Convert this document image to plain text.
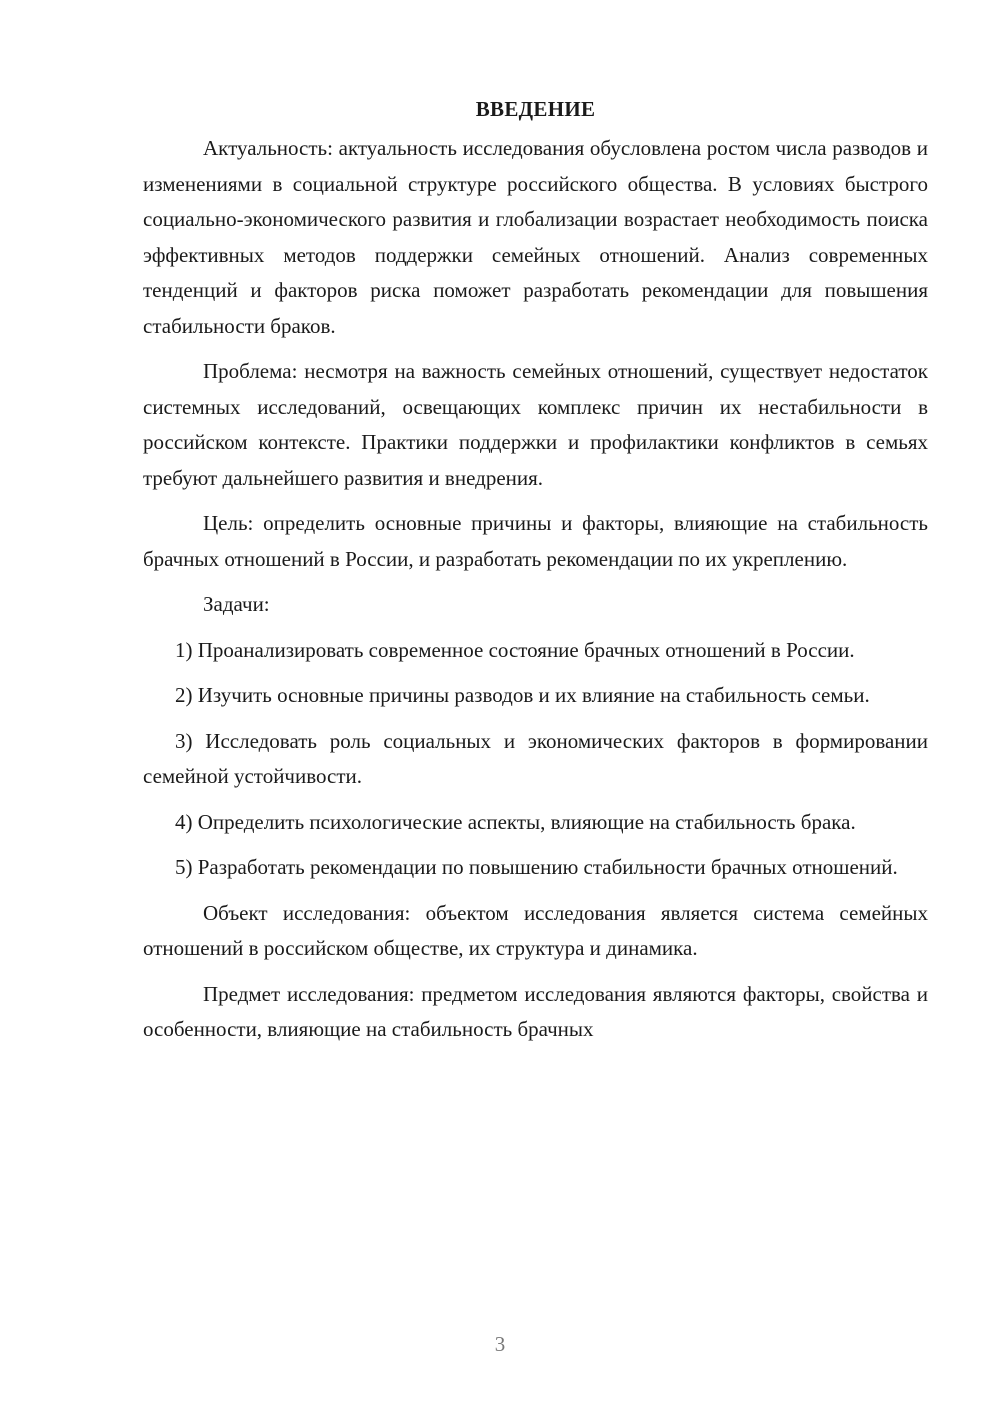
ВВЕДЕНИЕ

Актуальность: актуальность исследования обусловлена ростом числа разводов и изменениями в социальной структуре российского общества. В условиях быстрого социально-экономического развития и глобализации возрастает необходимость поиска эффективных методов поддержки семейных отношений. Анализ современных тенденций и факторов риска поможет разработать рекомендации для повышения стабильности браков.

Проблема: несмотря на важность семейных отношений, существует недостаток системных исследований, освещающих комплекс причин их нестабильности в российском контексте. Практики поддержки и профилактики конфликтов в семьях требуют дальнейшего развития и внедрения.

Цель: определить основные причины и факторы, влияющие на стабильность брачных отношений в России, и разработать рекомендации по их укреплению.

Задачи:

1) Проанализировать современное состояние брачных отношений в России.

2) Изучить основные причины разводов и их влияние на стабильность семьи.

3) Исследовать роль социальных и экономических факторов в формировании семейной устойчивости.

4) Определить психологические аспекты, влияющие на стабильность брака.

5) Разработать рекомендации по повышению стабильности брачных отношений.

Объект исследования: объектом исследования является система семейных отношений в российском обществе, их структура и динамика.

Предмет исследования: предметом исследования являются факторы, свойства и особенности, влияющие на стабильность брачных

3
